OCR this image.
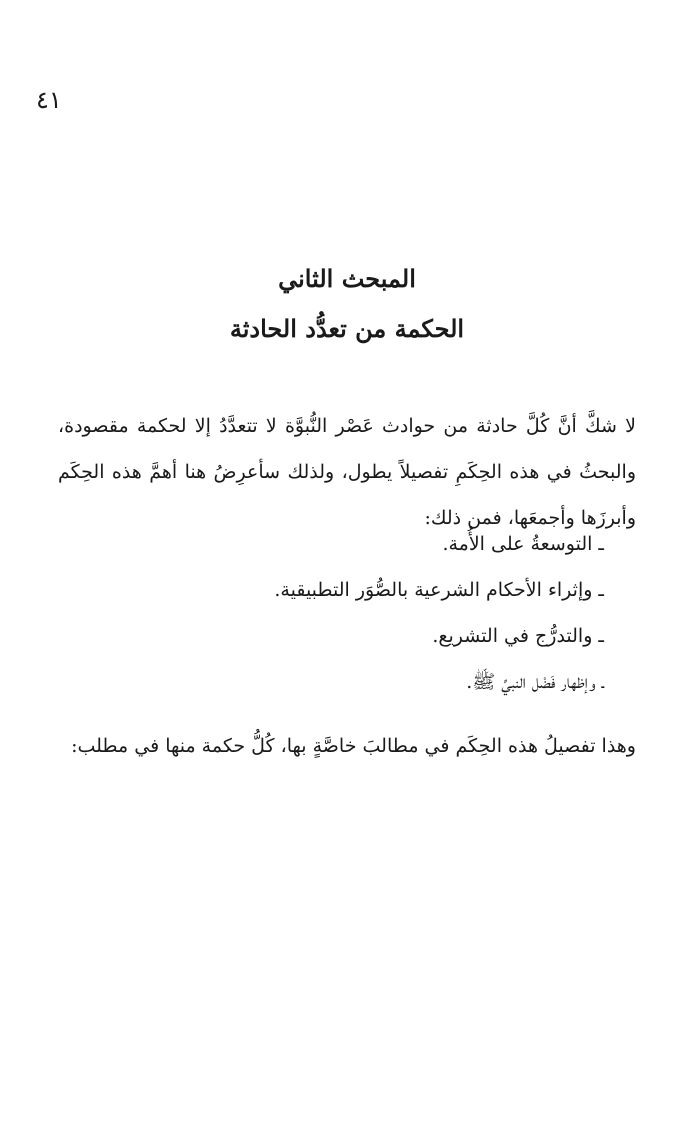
٤١
المبحث الثاني
الحكمة من تعدُّد الحادثة

لا شكَّ أنَّ كُلَّ حادثة من حوادث عَصْر النُّبوَّة لا تتعدَّدُ إلا لحكمة مقصودة، والبحثُ في هذه الحِكَمِ تفصيلاً يطول، ولذلك سأعرِضُ هنا أهمَّ هذه الحِكَم وأبرزَها وأجمعَها، فمن ذلك:

ـ التوسعةُ على الأُمة.
ـ وإثراء الأحكام الشرعية بالصُّوَر التطبيقية.
ـ والتدرُّج في التشريع.
ـ وإظهار فَضْل النبيِّ ﷺ.

وهذا تفصيلُ هذه الحِكَم في مطالبَ خاصَّةٍ بها، كُلُّ حكمة منها في مطلب:
